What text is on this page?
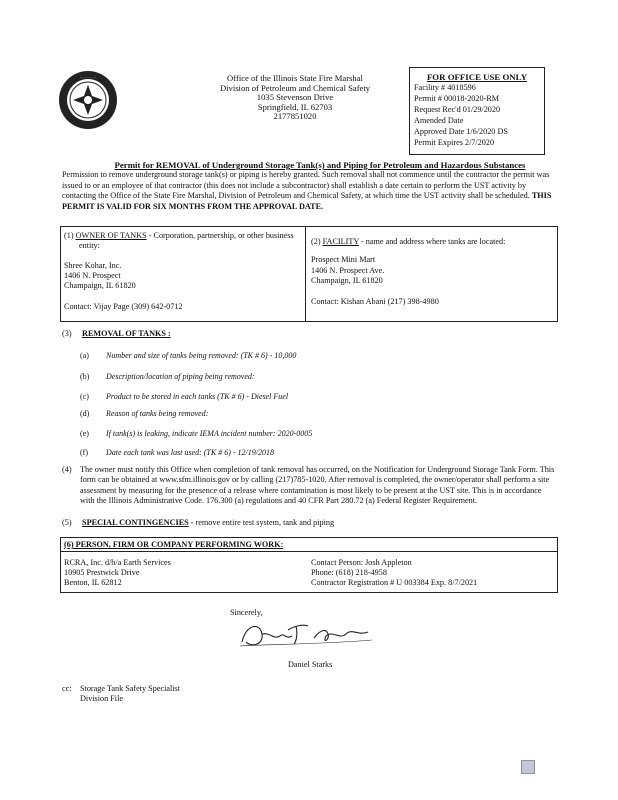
. . . . . . .	Office of the Illinois State Fire Marshal
Division of Petroleum and Chemical Safety
1035 Stevenson Drive
Springfield, IL 62703
2177851020
FOR OFFICE USE ONLY
Facility # 4018596
Permit # 00018-2020-RM
Request Rec'd 01/29/2020
Amended Date
Approved Date 1/6/2020 DS
Permit Expires 2/7/2020
Permit for REMOVAL of Underground Storage Tank(s) and Piping for Petroleum and Hazardous Substances
Permission to remove underground storage tank(s) or piping is hereby granted. Such removal shall not commence until the contractor the permit was issued to or an employee of that contractor (this does not include a subcontractor) shall establish a date certain to perform the UST activity by contacting the Office of the State Fire Marshal, Division of Petroleum and Chemical Safety, at which time the UST activity shall be scheduled. THIS PERMIT IS VALID FOR SIX MONTHS FROM THE APPROVAL DATE.
(1) OWNER OF TANKS - Corporation, partnership, or other business
entity:
Shree Kohar, Inc.
1406 N. Prospect
Champaign, IL 61820
Contact: Vijay Page (309) 642-0712
(2) FACILITY - name and address where tanks are located:
Prospect Mini Mart
1406 N. Prospect Ave.
Champaign, IL 61820
Contact: Kishan Abani (217) 398-4980
(3) REMOVAL OF TANKS :
(a) Number and size of tanks being removed: (TK # 6) - 10,000
(b) Description/location of piping being removed:
(c) Product to be stored in each tanks (TK # 6) - Diesel Fuel
(d) Reason of tanks being removed:
(e) If tank(s) is leaking, indicate IEMA incident number: 2020-0005
(f) Date each tank was last used: (TK # 6) - 12/19/2018
(4)	The owner must notify this Office when completion of tank removal has occurred, on the Notification for Underground Storage Tank Form. This form can be obtained at www.sfm.illinois.gov or by calling (217)785-1020. After removal is completed, the owner/operator shall perform a site assessment by measuring for the presence of a release where contamination is most likely to be present at the UST site. This is in accordance with the Illinois Administrative Code. 176.300 (a) regulations and 40 CFR Part 280.72 (a) Federal Register Requirement.
(5) SPECIAL CONTINGENCIES - remove entire test system, tank and piping
(6) PERSON, FIRM OR COMPANY PERFORMING WORK:
RCRA, Inc. d/b/a Earth Services
10905 Prestwick Drive
Benton, IL 62812
Contact Person: Josh Appleton
Phone: (618) 218-4958
Contractor Registration # U 003384 Exp. 8/7/2021
Sincerely,
Daniel Starks
cc: Storage Tank Safety Specialist
Division File
